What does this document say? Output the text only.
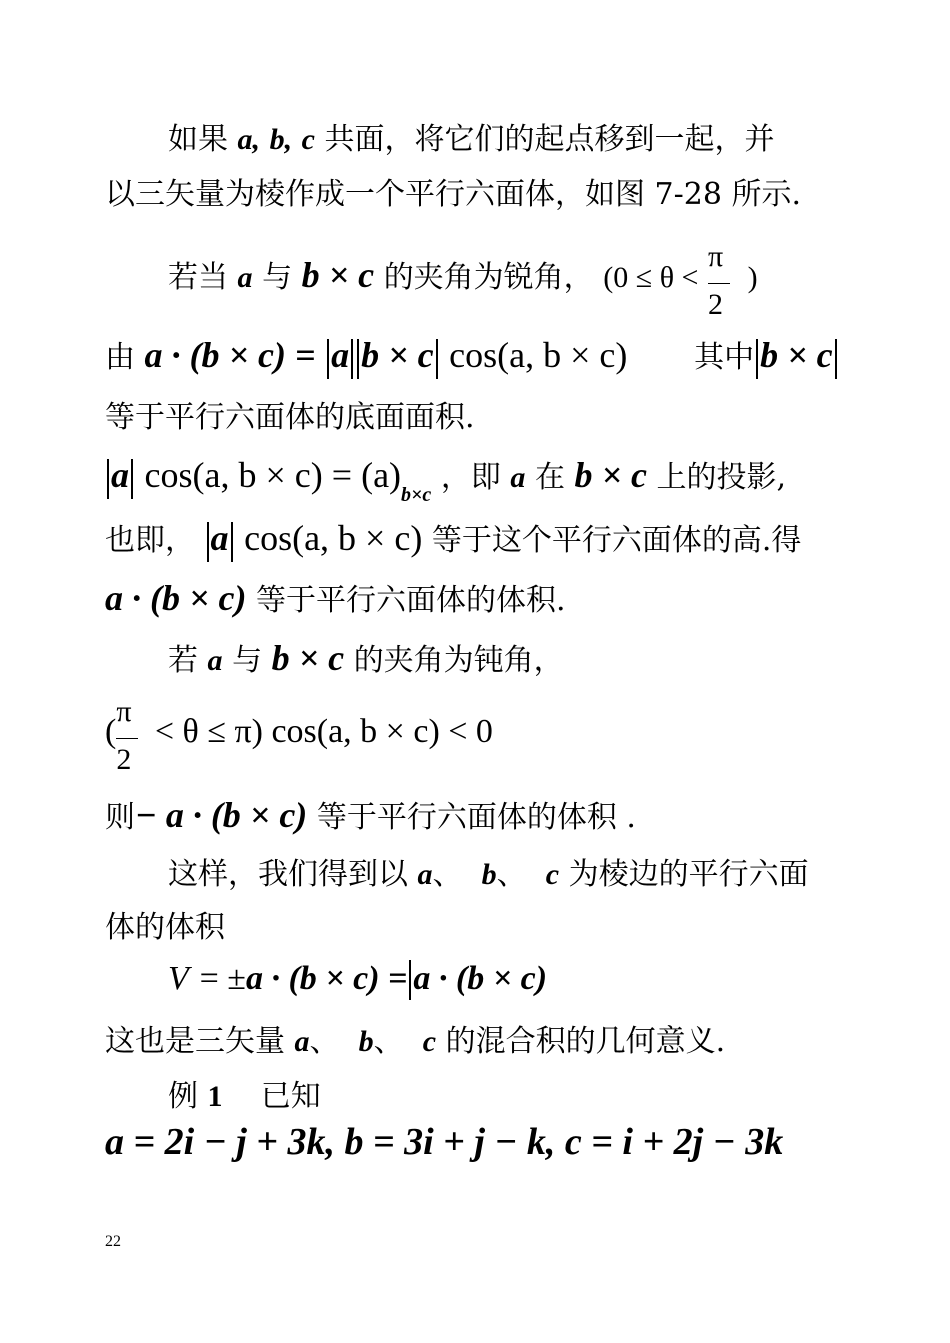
如果 a, b, c 共面，将它们的起点移到一起，并
以三矢量为棱作成一个平行六面体，如图 7-28 所示.
若当 a 与 b × c 的夹角为锐角， ($0 \le \theta < \frac{\pi}{2}$ )
由 a · (b × c) = a b × c cos(a, b × c) 其中 b × c
等于平行六面体的底面面积.
a cos(a, $b \times c) = (a)_{b\times c}$ ，即 a 在 b × c 上的投影,
也即， a cos(a, b × c) 等于这个平行六面体的高.得
a · (b × c) 等于平行六面体的体积.
若 a 与 b × c 的夹角为钝角，
( $\frac{\pi}{2} < \theta \le \pi$) cos(a, b × c) < 0
则− a · (b × c) 等于平行六面体的体积 .
这样，我们得到以 a、 b、 c 为棱边的平行六面
体的体积
V = ±a · (b × c) = a · (b × c)
这也是三矢量 a、 b、 c 的混合积的几何意义.
例 1 已知
a = 2i − j + 3k, b = 3i + j − k, c = i + 2j − 3k
22
